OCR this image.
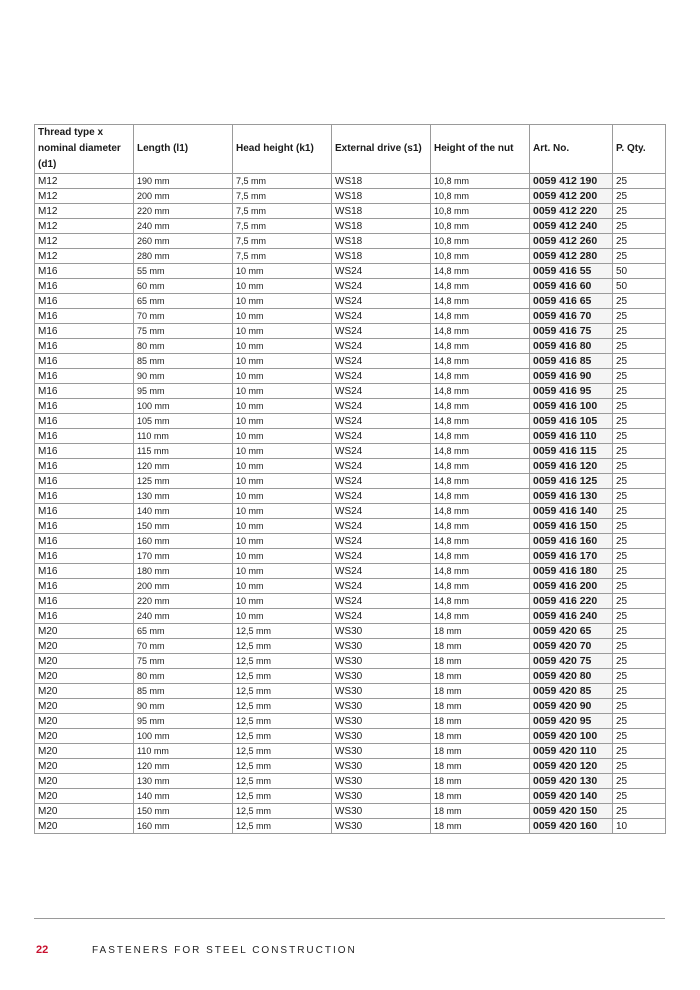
Thread type x nominal diameter (d1)	Length (l1)	Head height (k1)	External drive (s1)	Height of the nut	Art. No.	P. Qty.
M12	190 mm	7,5 mm	WS18	10,8 mm	0059 412 190	25
M12	200 mm	7,5 mm	WS18	10,8 mm	0059 412 200	25
M12	220 mm	7,5 mm	WS18	10,8 mm	0059 412 220	25
M12	240 mm	7,5 mm	WS18	10,8 mm	0059 412 240	25
M12	260 mm	7,5 mm	WS18	10,8 mm	0059 412 260	25
M12	280 mm	7,5 mm	WS18	10,8 mm	0059 412 280	25
M16	55 mm	10 mm	WS24	14,8 mm	0059 416 55	50
M16	60 mm	10 mm	WS24	14,8 mm	0059 416 60	50
M16	65 mm	10 mm	WS24	14,8 mm	0059 416 65	25
M16	70 mm	10 mm	WS24	14,8 mm	0059 416 70	25
M16	75 mm	10 mm	WS24	14,8 mm	0059 416 75	25
M16	80 mm	10 mm	WS24	14,8 mm	0059 416 80	25
M16	85 mm	10 mm	WS24	14,8 mm	0059 416 85	25
M16	90 mm	10 mm	WS24	14,8 mm	0059 416 90	25
M16	95 mm	10 mm	WS24	14,8 mm	0059 416 95	25
M16	100 mm	10 mm	WS24	14,8 mm	0059 416 100	25
M16	105 mm	10 mm	WS24	14,8 mm	0059 416 105	25
M16	110 mm	10 mm	WS24	14,8 mm	0059 416 110	25
M16	115 mm	10 mm	WS24	14,8 mm	0059 416 115	25
M16	120 mm	10 mm	WS24	14,8 mm	0059 416 120	25
M16	125 mm	10 mm	WS24	14,8 mm	0059 416 125	25
M16	130 mm	10 mm	WS24	14,8 mm	0059 416 130	25
M16	140 mm	10 mm	WS24	14,8 mm	0059 416 140	25
M16	150 mm	10 mm	WS24	14,8 mm	0059 416 150	25
M16	160 mm	10 mm	WS24	14,8 mm	0059 416 160	25
M16	170 mm	10 mm	WS24	14,8 mm	0059 416 170	25
M16	180 mm	10 mm	WS24	14,8 mm	0059 416 180	25
M16	200 mm	10 mm	WS24	14,8 mm	0059 416 200	25
M16	220 mm	10 mm	WS24	14,8 mm	0059 416 220	25
M16	240 mm	10 mm	WS24	14,8 mm	0059 416 240	25
M20	65 mm	12,5 mm	WS30	18 mm	0059 420 65	25
M20	70 mm	12,5 mm	WS30	18 mm	0059 420 70	25
M20	75 mm	12,5 mm	WS30	18 mm	0059 420 75	25
M20	80 mm	12,5 mm	WS30	18 mm	0059 420 80	25
M20	85 mm	12,5 mm	WS30	18 mm	0059 420 85	25
M20	90 mm	12,5 mm	WS30	18 mm	0059 420 90	25
M20	95 mm	12,5 mm	WS30	18 mm	0059 420 95	25
M20	100 mm	12,5 mm	WS30	18 mm	0059 420 100	25
M20	110 mm	12,5 mm	WS30	18 mm	0059 420 110	25
M20	120 mm	12,5 mm	WS30	18 mm	0059 420 120	25
M20	130 mm	12,5 mm	WS30	18 mm	0059 420 130	25
M20	140 mm	12,5 mm	WS30	18 mm	0059 420 140	25
M20	150 mm	12,5 mm	WS30	18 mm	0059 420 150	25
M20	160 mm	12,5 mm	WS30	18 mm	0059 420 160	10
22	FASTENERS FOR STEEL CONSTRUCTION
